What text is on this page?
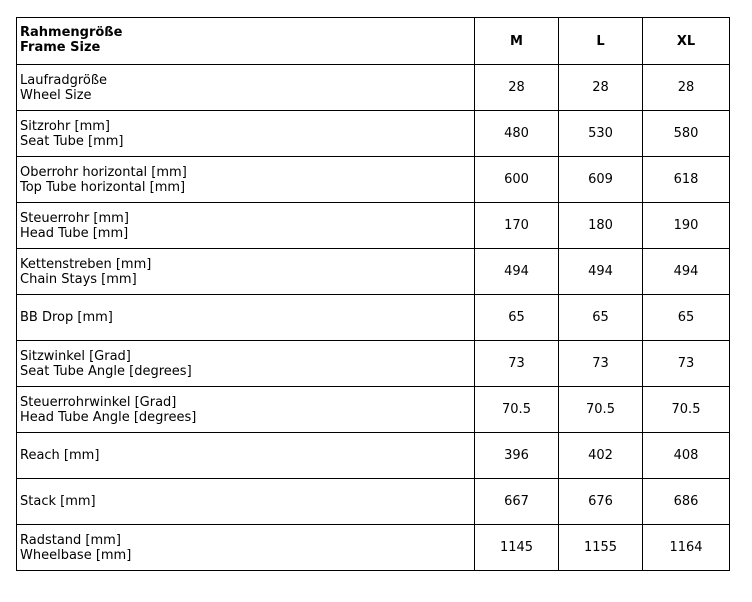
Rahmengröße
Frame Size	M	L	XL

Laufradgröße
Wheel Size	28	28	28

Sitzrohr [mm]
Seat Tube [mm]	480	530	580

Oberrohr horizontal [mm]
Top Tube horizontal [mm]	600	609	618

Steuerrohr [mm]
Head Tube [mm]	170	180	190

Kettenstreben [mm]
Chain Stays [mm]	494	494	494

BB Drop [mm]	65	65	65

Sitzwinkel [Grad]
Seat Tube Angle [degrees]	73	73	73

Steuerrohrwinkel [Grad]
Head Tube Angle [degrees]	70.5	70.5	70.5

Reach [mm]	396	402	408

Stack [mm]	667	676	686

Radstand [mm]
Wheelbase [mm]	1145	1155	1164
